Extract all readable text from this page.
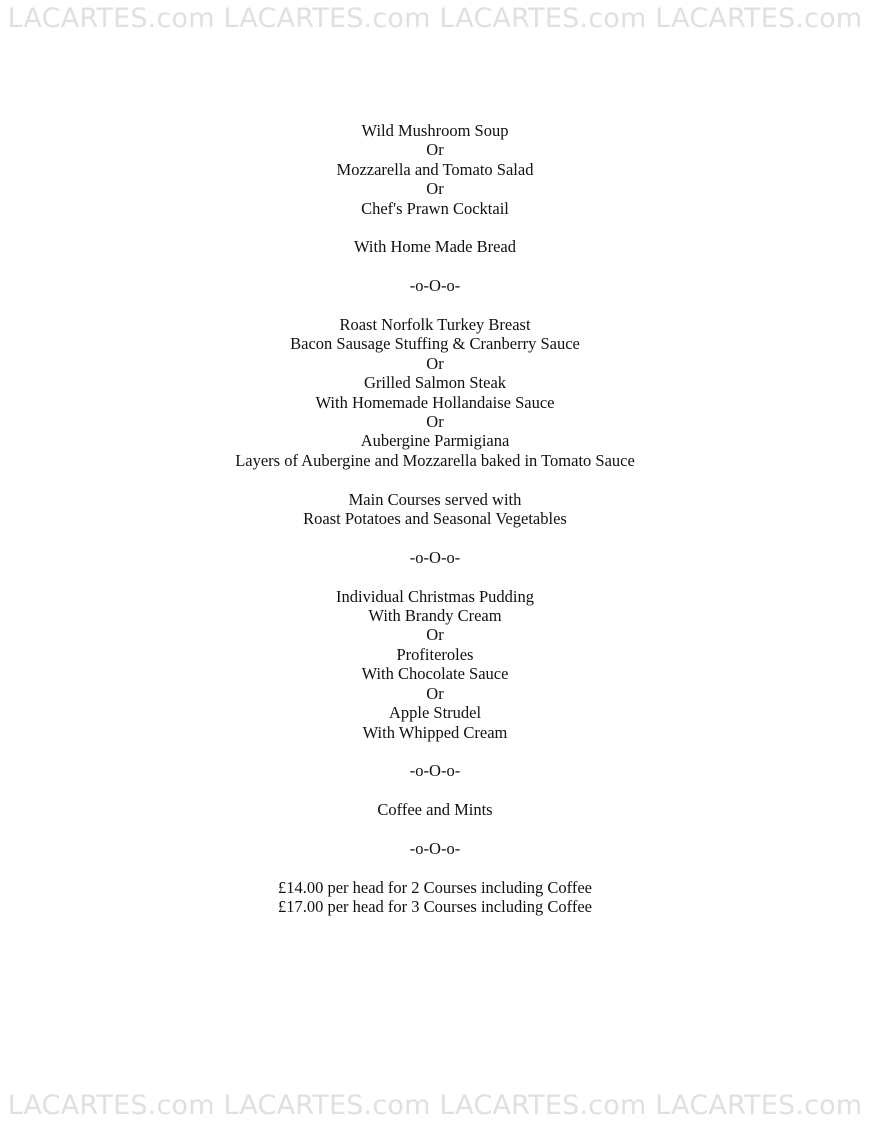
LACARTES.com LACARTES.com LACARTES.com LACARTES.com
Wild Mushroom Soup
Or
Mozzarella and Tomato Salad
Or
Chef's Prawn Cocktail
With Home Made Bread
-o-O-o-
Roast Norfolk Turkey Breast
Bacon Sausage Stuffing & Cranberry Sauce
Or
Grilled Salmon Steak
With Homemade Hollandaise Sauce
Or
Aubergine Parmigiana
Layers of Aubergine and Mozzarella baked in Tomato Sauce
Main Courses served with
Roast Potatoes and Seasonal Vegetables
-o-O-o-
Individual Christmas Pudding
With Brandy Cream
Or
Profiteroles
With Chocolate Sauce
Or
Apple Strudel
With Whipped Cream
-o-O-o-
Coffee and Mints
-o-O-o-
£14.00 per head for 2 Courses including Coffee
£17.00 per head for 3 Courses including Coffee
LACARTES.com LACARTES.com LACARTES.com LACARTES.com
